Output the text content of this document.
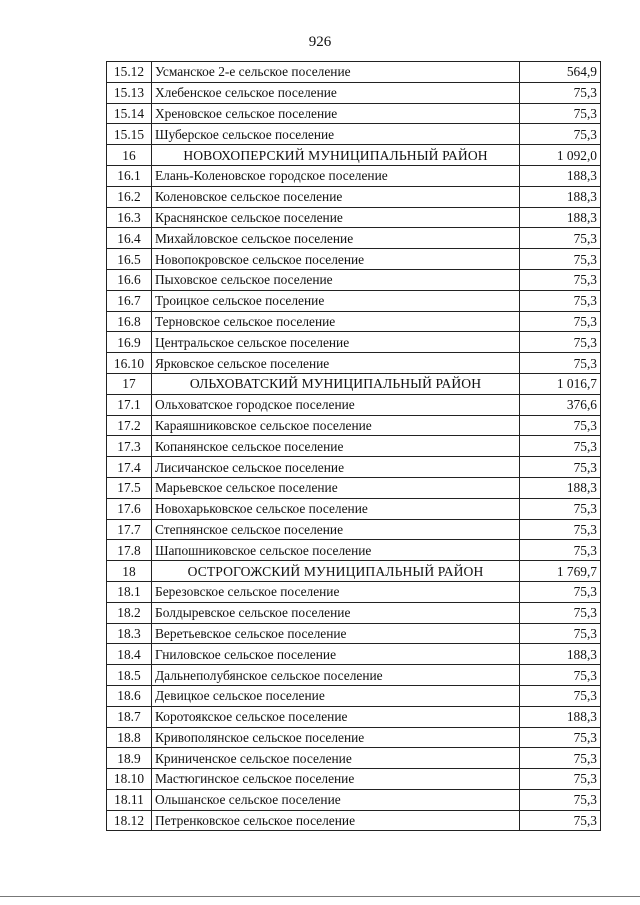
926
15.12	Усманское 2-е сельское поселение	564,9
15.13	Хлебенское сельское поселение	75,3
15.14	Хреновское сельское поселение	75,3
15.15	Шуберское сельское поселение	75,3
16	НОВОХОПЕРСКИЙ МУНИЦИПАЛЬНЫЙ РАЙОН	1 092,0
16.1	Елань-Коленовское городское поселение	188,3
16.2	Коленовское сельское поселение	188,3
16.3	Краснянское сельское поселение	188,3
16.4	Михайловское сельское поселение	75,3
16.5	Новопокровское сельское поселение	75,3
16.6	Пыховское сельское поселение	75,3
16.7	Троицкое сельское поселение	75,3
16.8	Терновское сельское поселение	75,3
16.9	Центральское сельское поселение	75,3
16.10	Ярковское сельское поселение	75,3
17	ОЛЬХОВАТСКИЙ МУНИЦИПАЛЬНЫЙ РАЙОН	1 016,7
17.1	Ольховатское городское поселение	376,6
17.2	Караяшниковское сельское поселение	75,3
17.3	Копанянское сельское поселение	75,3
17.4	Лисичанское сельское поселение	75,3
17.5	Марьевское сельское поселение	188,3
17.6	Новохарьковское сельское поселение	75,3
17.7	Степнянское сельское поселение	75,3
17.8	Шапошниковское сельское поселение	75,3
18	ОСТРОГОЖСКИЙ МУНИЦИПАЛЬНЫЙ РАЙОН	1 769,7
18.1	Березовское сельское поселение	75,3
18.2	Болдыревское сельское поселение	75,3
18.3	Веретьевское сельское поселение	75,3
18.4	Гниловское сельское поселение	188,3
18.5	Дальнеполубянское сельское поселение	75,3
18.6	Девицкое сельское поселение	75,3
18.7	Коротоякское сельское поселение	188,3
18.8	Кривополянское сельское поселение	75,3
18.9	Криниченское сельское поселение	75,3
18.10	Мастюгинское сельское поселение	75,3
18.11	Ольшанское сельское поселение	75,3
18.12	Петренковское сельское поселение	75,3
